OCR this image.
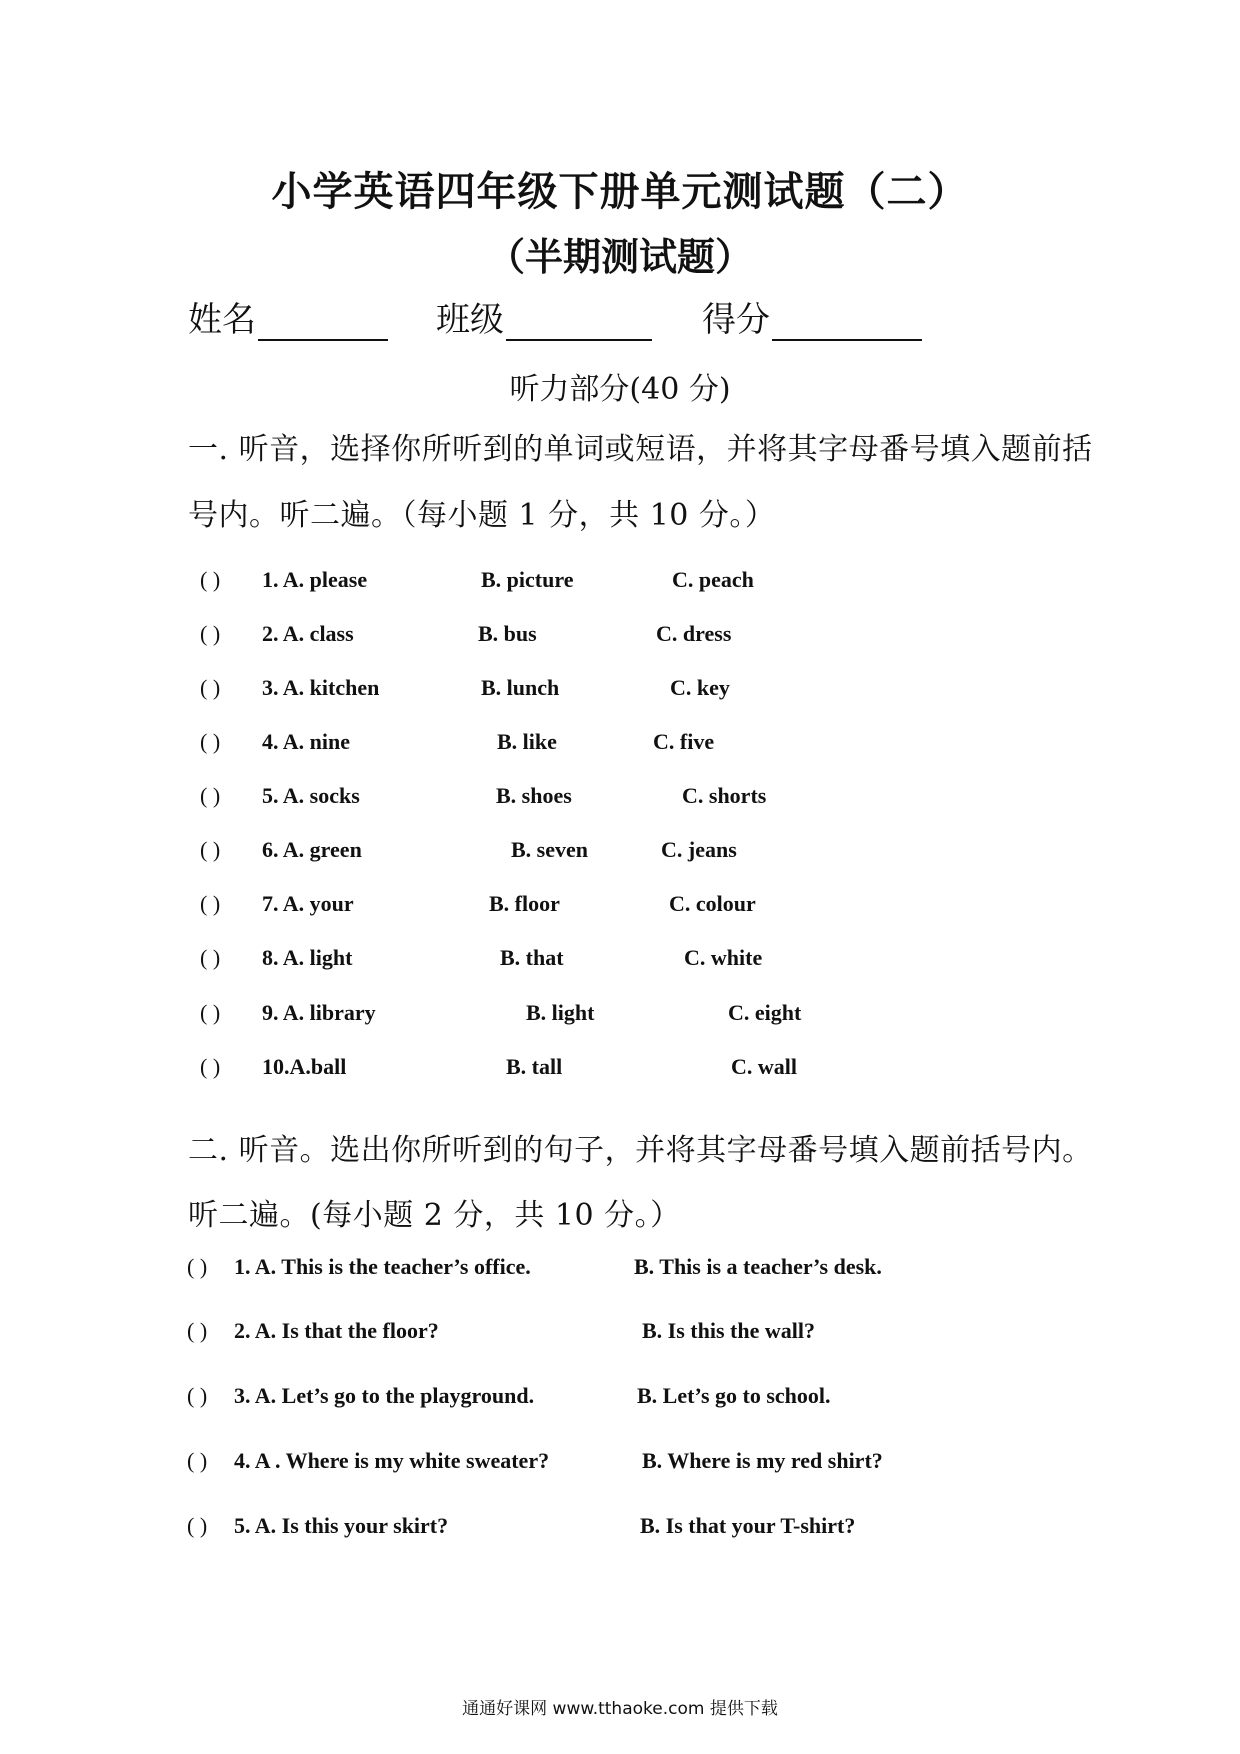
小学英语四年级下册单元测试题（二）
（半期测试题）
姓名	班级	得分
听力部分(40 分)
一. 听音，选择你所听到的单词或短语，并将其字母番号填入题前括
号内。听二遍。（每小题 1 分，共 10 分。）
( ) 1. A. please	B. picture	C. peach
( ) 2. A. class	B. bus	C. dress
( ) 3. A. kitchen	B. lunch	C. key
( ) 4. A. nine	B. like	C. five
( ) 5. A. socks	B. shoes	C. shorts
( ) 6. A. green	B. seven	C. jeans
( ) 7. A. your	B. floor	C. colour
( ) 8. A. light	B. that	C. white
( ) 9. A. library	B. light	C. eight
( ) 10.A.ball	B. tall	C. wall
二. 听音。选出你所听到的句子，并将其字母番号填入题前括号内。
听二遍。(每小题 2 分，共 10 分。）
( ) 1. A. This is the teacher’s office.	B. This is a teacher’s desk.
( ) 2. A. Is that the floor?	B. Is this the wall?
( ) 3. A. Let’s go to the playground.	B. Let’s go to school.
( ) 4. A . Where is my white sweater?	B. Where is my red shirt?
( ) 5. A. Is this your skirt?	B. Is that your T-shirt?
通通好课网 www.tthaoke.com 提供下载
